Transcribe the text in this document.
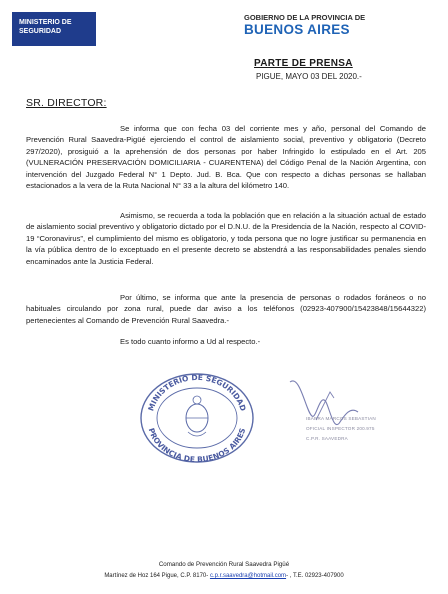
MINISTERIO DE
SEGURIDAD
GOBIERNO DE LA PROVINCIA DE
BUENOS AIRES
PARTE DE PRENSA
PIGUE, MAYO 03 DEL 2020.-
SR. DIRECTOR:
Se informa que con fecha 03 del corriente mes y año, personal del Comando de Prevención Rural Saavedra-Pigüé ejerciendo el control de aislamiento social, preventivo y obligatorio (Decreto 297/2020), prosiguió a la aprehensión de dos personas por haber Infringido lo estipulado en el Art. 205 (VULNERACIÓN PRESERVACIÓN DOMICILIARIA - CUARENTENA) del Código Penal de la Nación Argentina, con intervención del Juzgado Federal N° 1 Depto. Jud. B. Bca. Que con respecto a dichas personas se hallaban estacionados a la vera de la Ruta Nacional N° 33 a la altura del kilómetro 140.
Asimismo, se recuerda a toda la población que en relación a la situación actual de estado de aislamiento social preventivo y obligatorio dictado por el D.N.U. de la Presidencia de la Nación, respecto al COVID-19 “Coronavirus”, el cumplimiento del mismo es obligatorio, y toda persona que no logre justificar su permanencia en la vía pública dentro de lo exceptuado en el presente decreto se abstendrá a las responsabilidades penales siendo encaminados ante la Justicia Federal.
Por último, se informa que ante la presencia de personas o rodados foráneos o no habituales circulando por zona rural, puede dar aviso a los teléfonos (02923-407900/15423848/15644322) pertenecientes al Comando de Prevención Rural Saavedra.-
Es todo cuanto informo a Ud al respecto.-
MINISTERIO DE SEGURIDAD
PROVINCIA DE BUENOS AIRES
IBARRA MARCOS SEBASTIAN
OFICIAL INSPECTOR 200.975
C.P.R. SAAVEDRA
Comando de Prevención Rural Saavedra Pigüé
Martínez de Hoz 164 Pigue, C.P. 8170- c.p.r.saavedra@hotmail.com- , T.E. 02923-407900
